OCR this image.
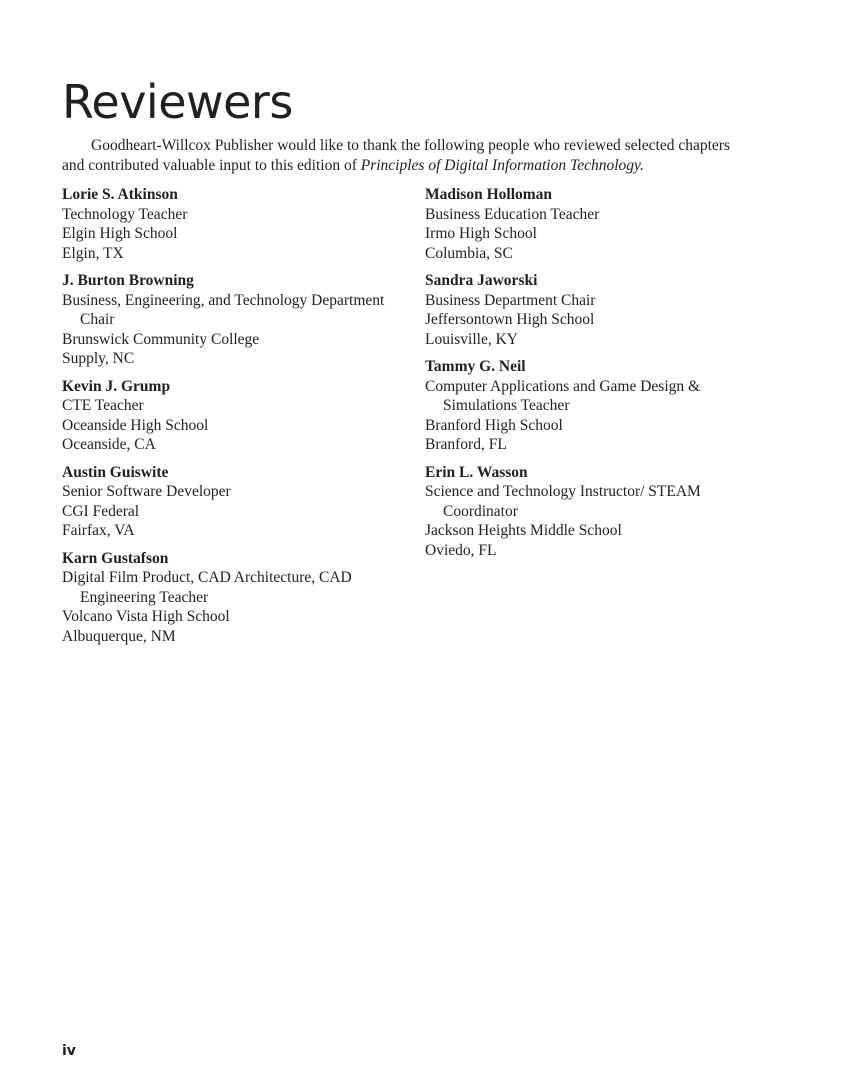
Reviewers

Goodheart-Willcox Publisher would like to thank the following people who reviewed selected chapters and contributed valuable input to this edition of Principles of Digital Information Technology.

Lorie S. Atkinson
Technology Teacher
Elgin High School
Elgin, TX
J. Burton Browning
Business, Engineering, and Technology Department Chair
Brunswick Community College
Supply, NC
Kevin J. Grump
CTE Teacher
Oceanside High School
Oceanside, CA
Austin Guiswite
Senior Software Developer
CGI Federal
Fairfax, VA
Karn Gustafson
Digital Film Product, CAD Architecture, CAD Engineering Teacher
Volcano Vista High School
Albuquerque, NM
Madison Holloman
Business Education Teacher
Irmo High School
Columbia, SC
Sandra Jaworski
Business Department Chair
Jeffersontown High School
Louisville, KY
Tammy G. Neil
Computer Applications and Game Design & Simulations Teacher
Branford High School
Branford, FL
Erin L. Wasson
Science and Technology Instructor/ STEAM Coordinator
Jackson Heights Middle School
Oviedo, FL
iv
